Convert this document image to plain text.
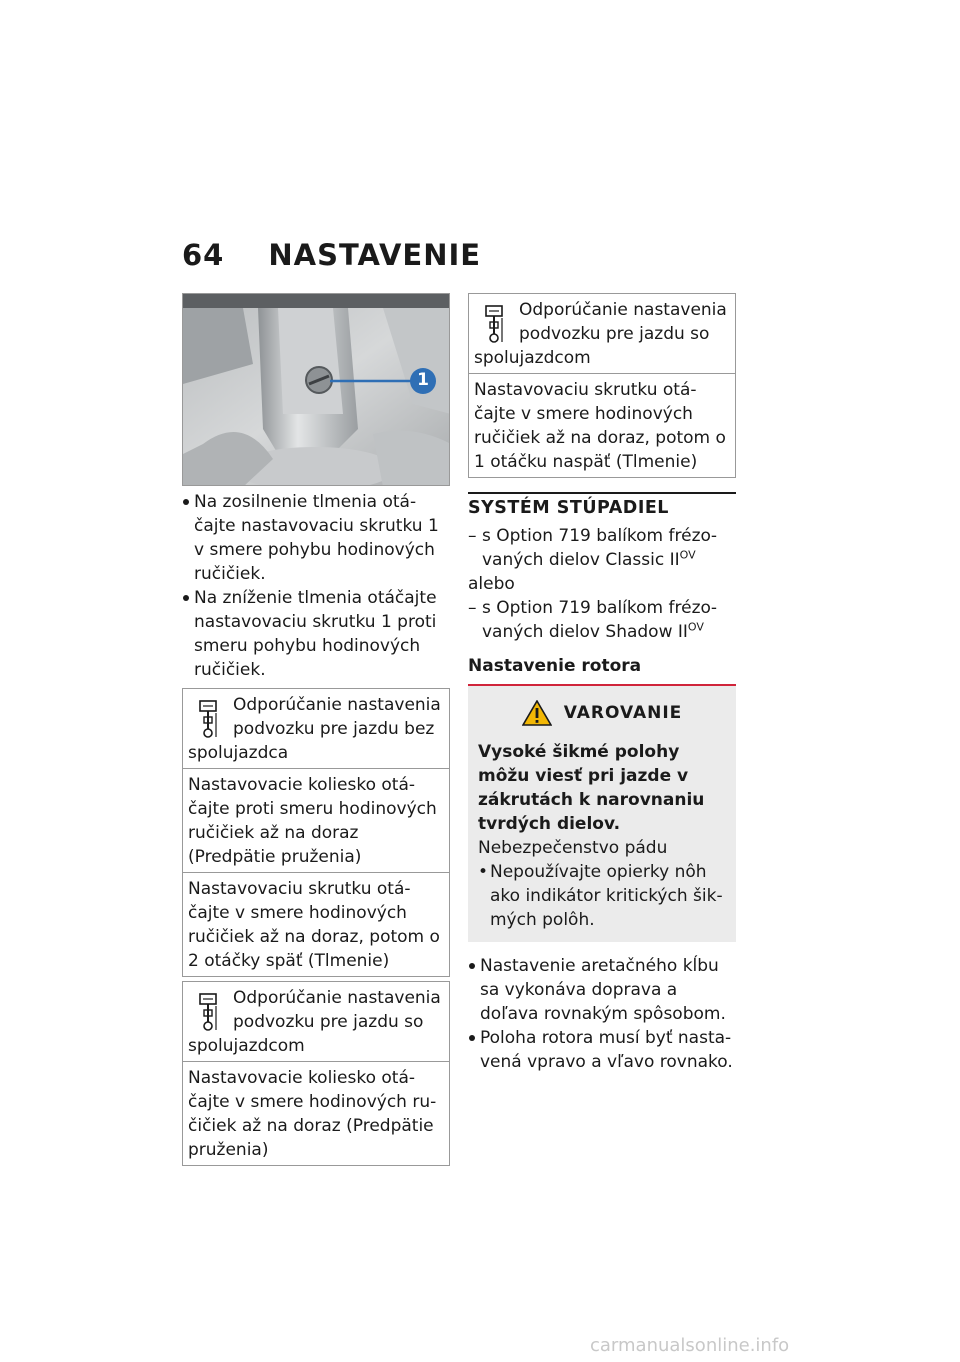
64 NASTAVENIE
1
Na zosilnenie tlmenia otáčajte nastavovaciu skrutku 1 v smere pohybu hodinových ručičiek.
Na zníženie tlmenia otáčajte nastavovaciu skrutku 1 proti smeru pohybu hodinových ručičiek.
Odporúčanie nastavenia
podvozku pre jazdu bez
spolujazdca
Nastavovacie koliesko otáčajte proti smeru hodinových ručičiek až na doraz (Predpätie pruženia)
Nastavovaciu skrutku otáčajte v smere hodinových ručičiek až na doraz, potom o 2 otáčky späť (Tlmenie)
Odporúčanie nastavenia
podvozku pre jazdu so
spolujazdcom
Nastavovacie koliesko otáčajte v smere hodinových ručičiek až na doraz (Predpätie pruženia)
Odporúčanie nastavenia
podvozku pre jazdu so
spolujazdcom
Nastavovaciu skrutku otáčajte v smere hodinových ručičiek až na doraz, potom o 1 otáčku naspäť (Tlmenie)
SYSTÉM STÚPADIEL
– s Option 719 balíkom frézovaných dielov Classic $II^{OV}$
alebo
– s Option 719 balíkom frézovaných dielov Shadow $II^{OV}$
Nastavenie rotora
VAROVANIE
Vysoké šikmé polohy môžu viesť pri jazde v zákrutách k narovnaniu tvrdých dielov.
Nebezpečenstvo pádu
• Nepoužívajte opierky nôh ako indikátor kritických šikmých polôh.
Nastavenie aretačného kĺbu sa vykonáva doprava a doľava rovnakým spôsobom.
Poloha rotora musí byť nastavená vpravo a vľavo rovnako.
carmanualsonline.info
